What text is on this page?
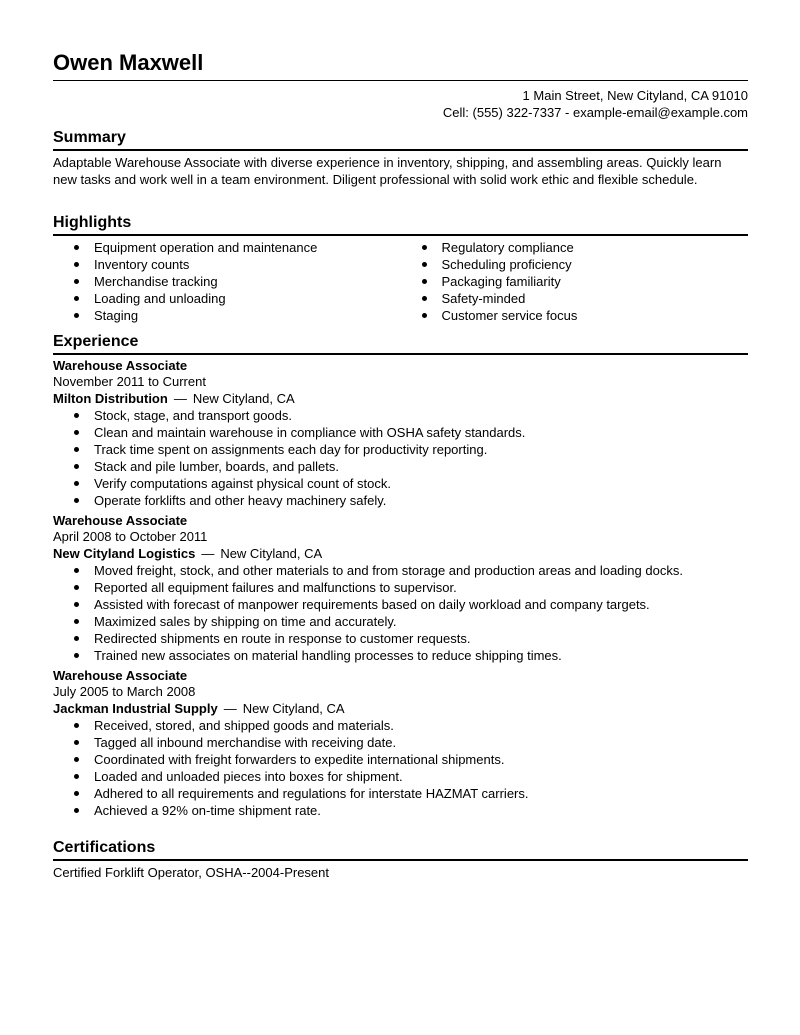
Owen Maxwell
1 Main Street, New Cityland, CA 91010
Cell: (555) 322-7337 - example-email@example.com
Summary

Adaptable Warehouse Associate with diverse experience in inventory, shipping, and assembling areas. Quickly learn new tasks and work well in a team environment. Diligent professional with solid work ethic and flexible schedule.

Highlights
Equipment operation and maintenance
Inventory counts
Merchandise tracking
Loading and unloading
Staging
Regulatory compliance
Scheduling proficiency
Packaging familiarity
Safety-minded
Customer service focus
Experience
Warehouse Associate
November 2011 to Current
Milton Distribution — New Cityland, CA
Stock, stage, and transport goods.
Clean and maintain warehouse in compliance with OSHA safety standards.
Track time spent on assignments each day for productivity reporting.
Stack and pile lumber, boards, and pallets.
Verify computations against physical count of stock.
Operate forklifts and other heavy machinery safely.
Warehouse Associate
April 2008 to October 2011
New Cityland Logistics — New Cityland, CA
Moved freight, stock, and other materials to and from storage and production areas and loading docks.
Reported all equipment failures and malfunctions to supervisor.
Assisted with forecast of manpower requirements based on daily workload and company targets.
Maximized sales by shipping on time and accurately.
Redirected shipments en route in response to customer requests.
Trained new associates on material handling processes to reduce shipping times.
Warehouse Associate
July 2005 to March 2008
Jackman Industrial Supply — New Cityland, CA
Received, stored, and shipped goods and materials.
Tagged all inbound merchandise with receiving date.
Coordinated with freight forwarders to expedite international shipments.
Loaded and unloaded pieces into boxes for shipment.
Adhered to all requirements and regulations for interstate HAZMAT carriers.
Achieved a 92% on-time shipment rate.
Certifications

Certified Forklift Operator, OSHA--2004-Present
